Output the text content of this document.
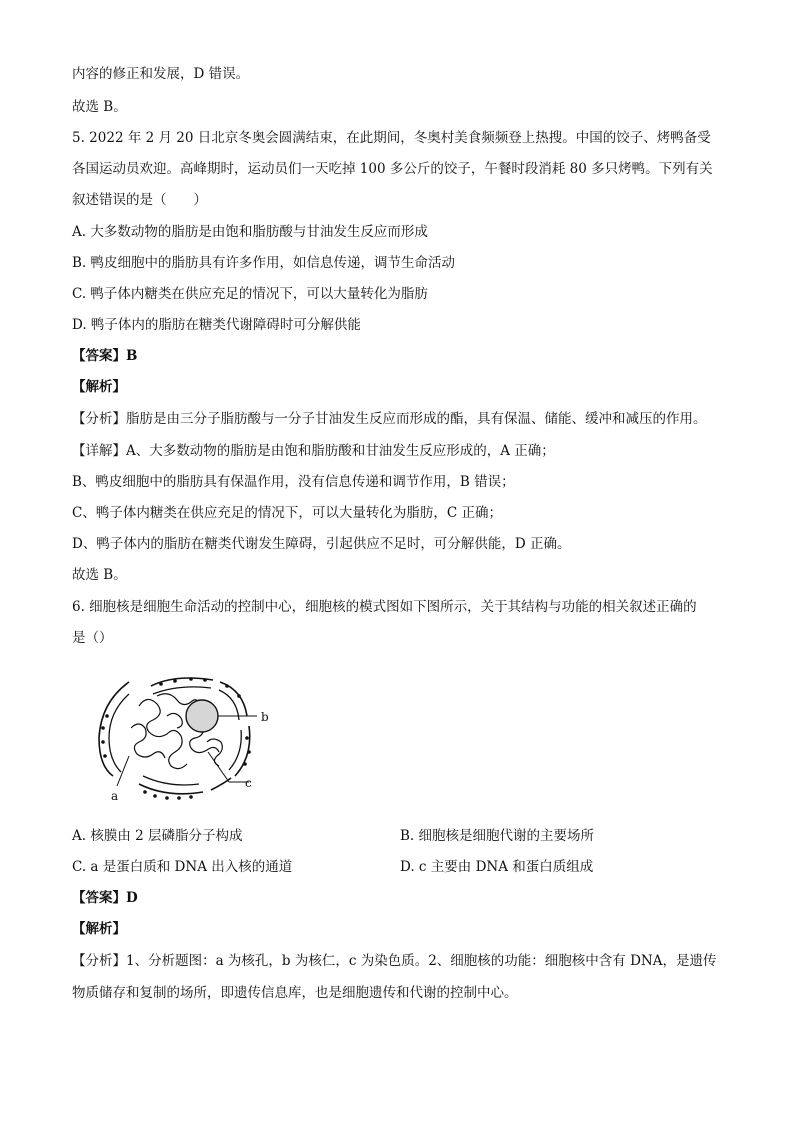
内容的修正和发展，D 错误。
故选 B。
5. 2022 年 2 月 20 日北京冬奥会圆满结束，在此期间，冬奥村美食频频登上热搜。中国的饺子、烤鸭备受
各国运动员欢迎。高峰期时，运动员们一天吃掉 100 多公斤的饺子，午餐时段消耗 80 多只烤鸭。下列有关
叙述错误的是（　　）
A. 大多数动物的脂肪是由饱和脂肪酸与甘油发生反应而形成
B. 鸭皮细胞中的脂肪具有许多作用，如信息传递，调节生命活动
C. 鸭子体内糖类在供应充足的情况下，可以大量转化为脂肪
D. 鸭子体内的脂肪在糖类代谢障碍时可分解供能
【答案】B
【解析】
【分析】脂肪是由三分子脂肪酸与一分子甘油发生反应而形成的酯，具有保温、储能、缓冲和减压的作用。
【详解】A、大多数动物的脂肪是由饱和脂肪酸和甘油发生反应形成的，A 正确；
B、鸭皮细胞中的脂肪具有保温作用，没有信息传递和调节作用，B 错误；
C、鸭子体内糖类在供应充足的情况下，可以大量转化为脂肪，C 正确；
D、鸭子体内的脂肪在糖类代谢发生障碍，引起供应不足时，可分解供能，D 正确。
故选 B。
6. 细胞核是细胞生命活动的控制中心，细胞核的模式图如下图所示，关于其结构与功能的相关叙述正确的
是（）
b
c
a
A. 核膜由 2 层磷脂分子构成	B. 细胞核是细胞代谢的主要场所
C. a 是蛋白质和 DNA 出入核的通道	D. c 主要由 DNA 和蛋白质组成
【答案】D
【解析】
【分析】1、分析题图：a 为核孔，b 为核仁，c 为染色质。2、细胞核的功能：细胞核中含有 DNA，是遗传
物质储存和复制的场所，即遗传信息库，也是细胞遗传和代谢的控制中心。
